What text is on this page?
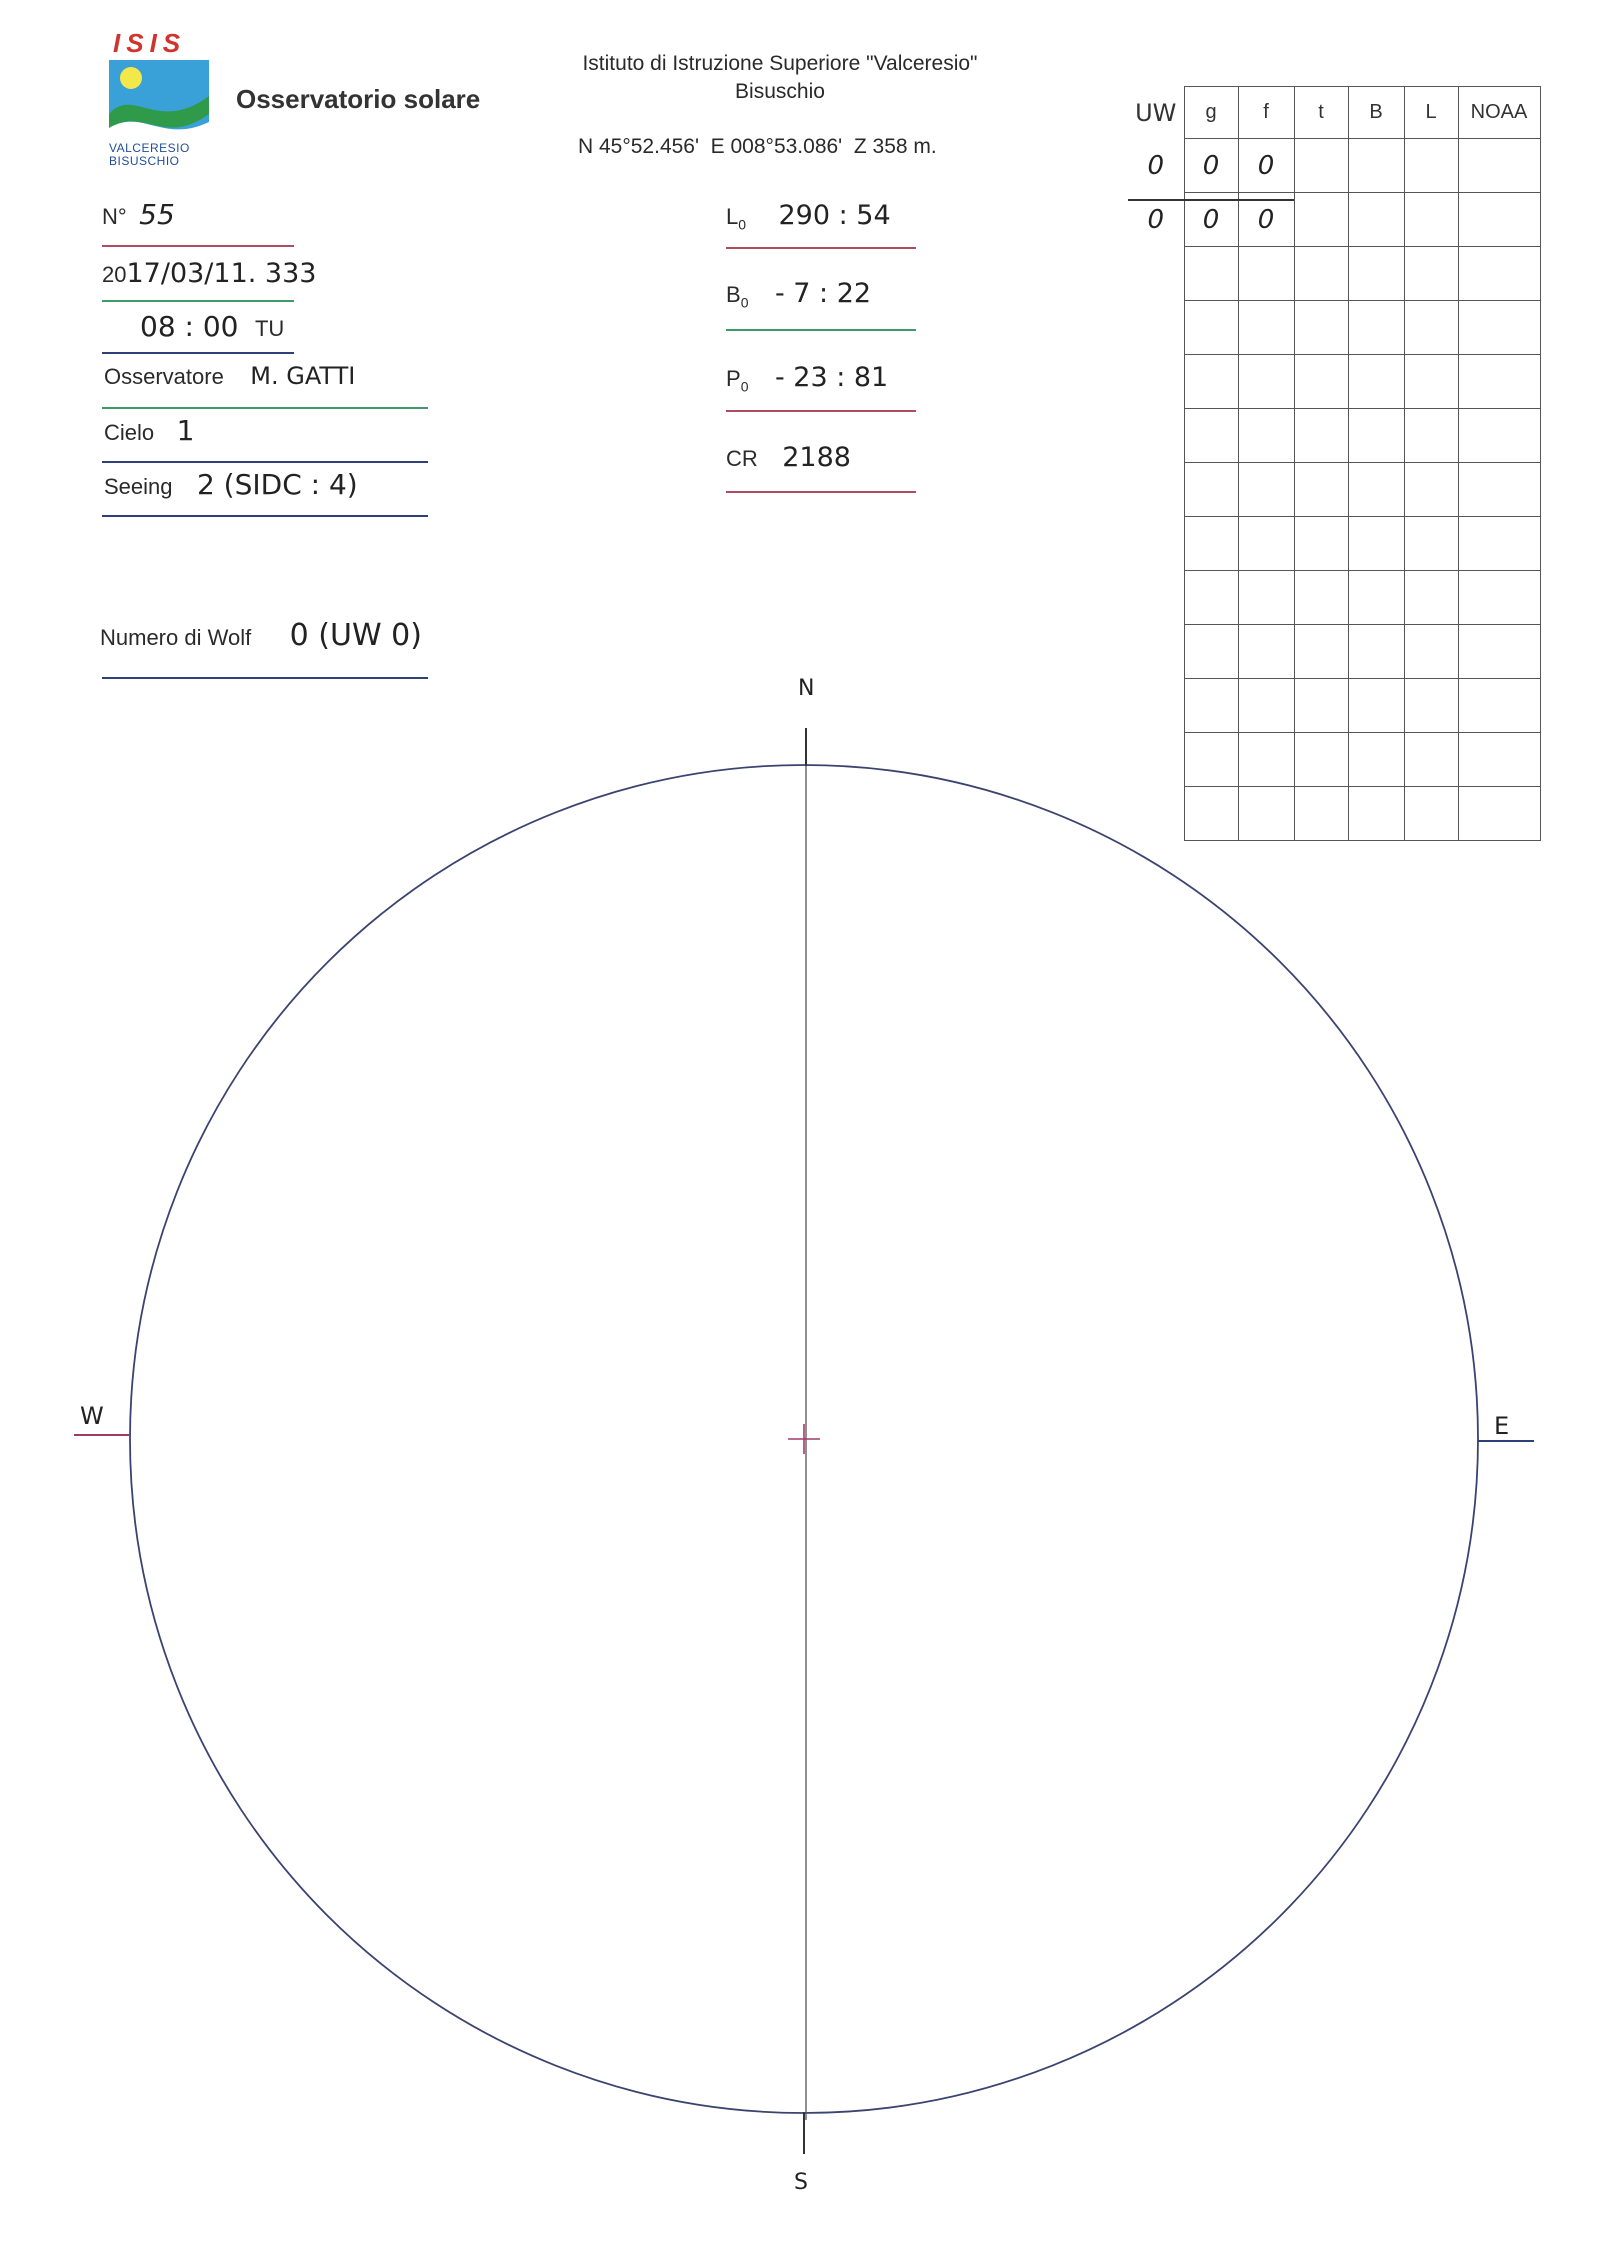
ISIS
VALCERESIO
BISUSCHIO
Osservatorio solare
Istituto di Istruzione Superiore "Valceresio"
Bisuschio
N 45°52.456'  E 008°53.086'  Z 358 m.
N° 55
2017/03/11. 333
08 : 00 TU
Osservatore M. GATTI
Cielo 1
Seeing 2 (SIDC : 4)
Numero di Wolf 0 (UW 0)
$L_0$ 290 : 54
$B_0 - 7$ : 22
$P_0 - 23$ : 81
CR 2188
UW	g	f	t	B	L	NOAA
0	0	0				
0	0	0				

N
S
W	E
